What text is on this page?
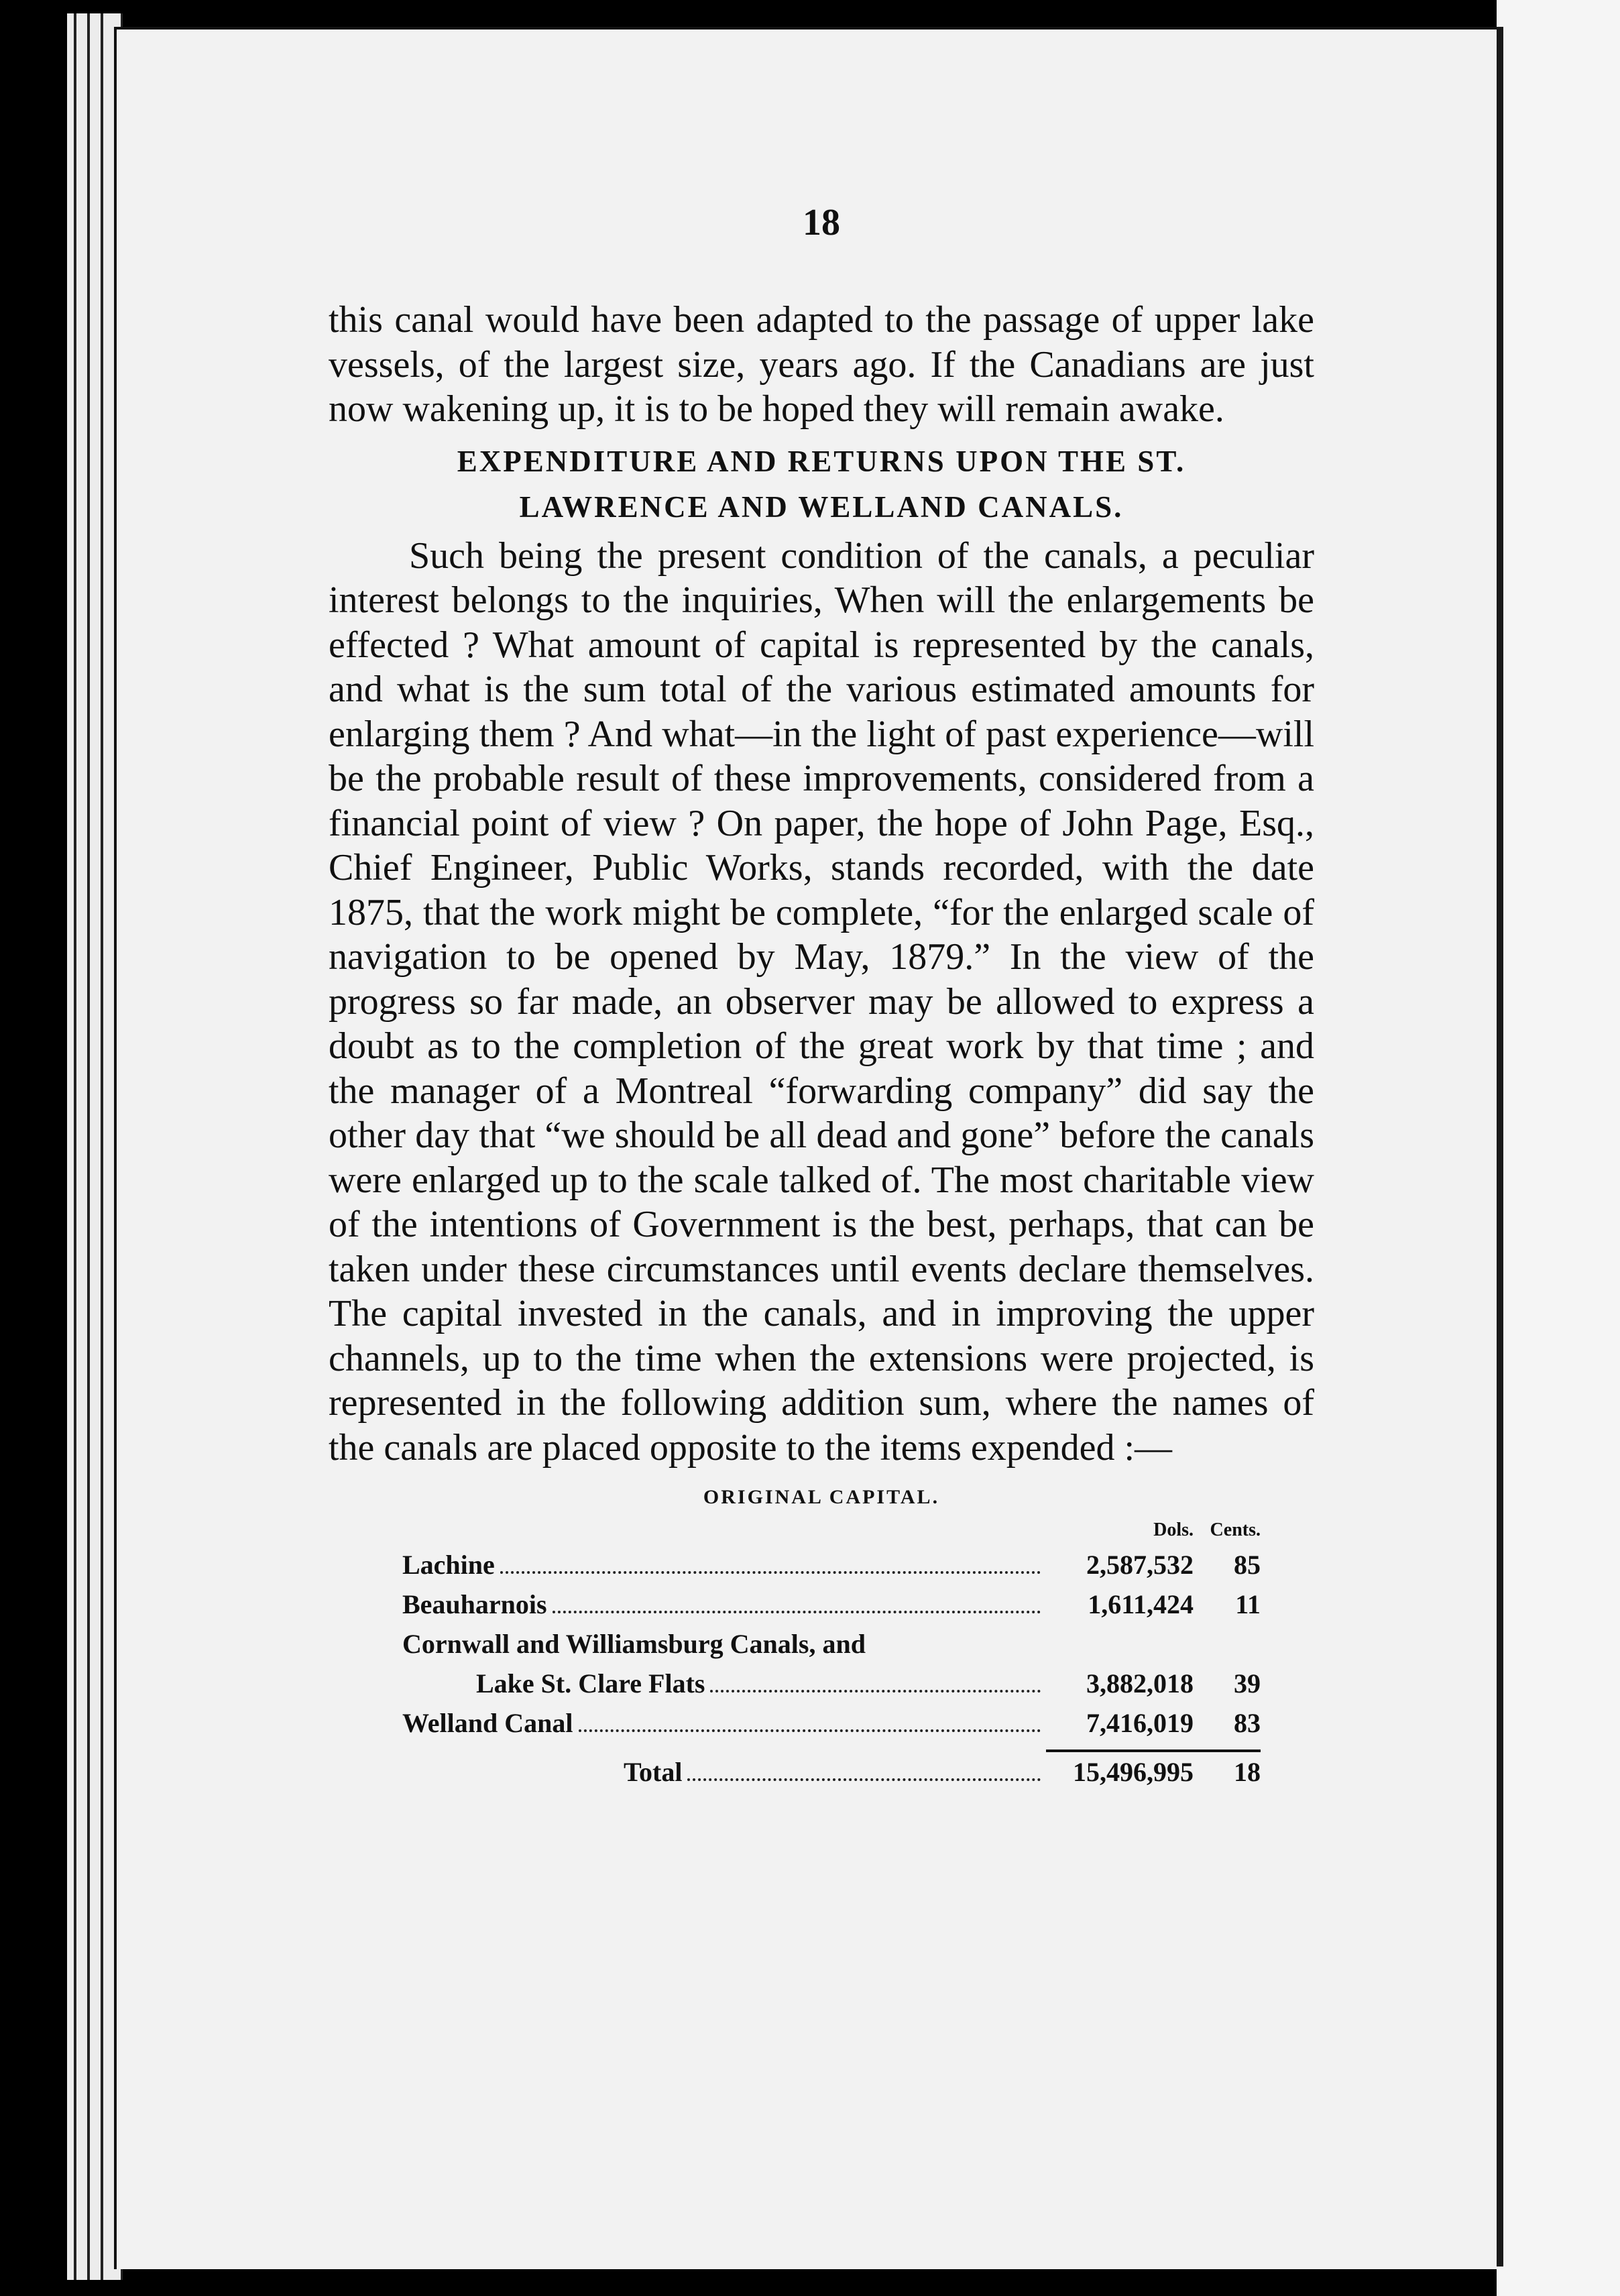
18

this canal would have been adapted to the passage of upper lake vessels, of the largest size, years ago. If the Canadians are just now wakening up, it is to be hoped they will remain awake.

EXPENDITURE AND RETURNS UPON THE ST.
LAWRENCE AND WELLAND CANALS.

Such being the present condition of the canals, a peculiar interest belongs to the inquiries, When will the enlargements be effected ? What amount of capital is represented by the canals, and what is the sum total of the various estimated amounts for enlarging them ? And what—in the light of past experience—will be the probable result of these improvements, considered from a financial point of view ? On paper, the hope of John Page, Esq., Chief Engineer, Public Works, stands recorded, with the date 1875, that the work might be complete, “for the enlarged scale of navigation to be opened by May, 1879.” In the view of the progress so far made, an observer may be allowed to express a doubt as to the completion of the great work by that time ; and the manager of a Montreal “forwarding company” did say the other day that “we should be all dead and gone” before the canals were enlarged up to the scale talked of. The most charitable view of the intentions of Government is the best, perhaps, that can be taken under these circumstances until events declare themselves. The capital invested in the canals, and in improving the upper channels, up to the time when the extensions were projected, is represented in the following addition sum, where the names of the canals are placed opposite to the items expended :—

ORIGINAL CAPITAL.
	Dols.	Cents.

Lachine	2,587,532	85

Beauharnois	1,611,424	11

Cornwall and Williamsburg Canals, and		

Lake St. Clare Flats	3,882,018	39

Welland Canal	7,416,019	83

Total	15,496,995	18
